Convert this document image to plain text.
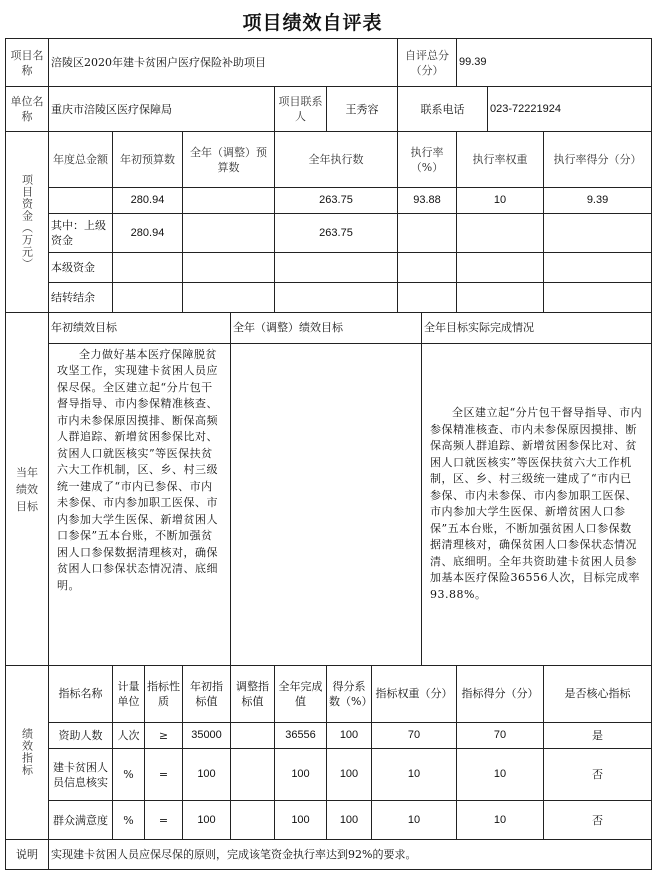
项目绩效自评表
项目名称	涪陵区2020年建卡贫困户医疗保险补助项目								自评总分（分）		99.39		
单位名称	重庆市涪陵区医疗保障局					项目联系人	王秀容		联系电话			023-72221924	

项目资金（万元）	年度总金额	年初预算数		全年（调整）预算数		全年执行数			执行率（%）		执行率权重		执行率得分（分）
		280.94				263.75			93.88		10		9.39
	其中：上级资金	280.94				263.75							
	本级资金												
	结转结余												

当年绩效目标	年初绩效目标				全年（调整）绩效目标					全年目标实际完成情况			

	全力做好基本医疗保障脱贫攻坚工作，实现建卡贫困人员应保尽保。全区建立起“分片包干督导指导、市内参保精准核查、市内未参保原因摸排、断保高频人群追踪、新增贫困参保比对、贫困人口就医核实”等医保扶贫六大工作机制，区、乡、村三级统一建成了“市内已参保、市内未参保、市内参加职工医保、市内参加大学生医保、新增贫困人口参保”五本台账，不断加强贫困人口参保数据清理核对，确保贫困人口参保状态情况清、底细明。									全区建立起“分片包干督导指导、市内参保精准核查、市内未参保原因摸排、断保高频人群追踪、新增贫困参保比对、贫困人口就医核实”等医保扶贫六大工作机制，区、乡、村三级统一建成了“市内已参保、市内未参保、市内参加职工医保、市内参加大学生医保、新增贫困人口参保”五本台账，不断加强贫困人口参保数据清理核对，确保贫困人口参保状态情况清、底细明。全年共资助建卡贫困人员参加基本医疗保险36556人次，目标完成率93.88%。			

绩效指标	指标名称	计量单位	指标性质	年初指标值	调整指标值	全年完成值	得分系数（%）	指标权重（分）			指标得分（分）		是否核心指标
	资助人数	人次	≥	35000		36556	100	70			70		是
	建卡贫困人员信息核实	%	=	100		100	100	10			10		否
	群众满意度	%	=	100		100	100	10			10		否
说明	实现建卡贫困人员应保尽保的原则，完成该笔资金执行率达到92%的要求。												
